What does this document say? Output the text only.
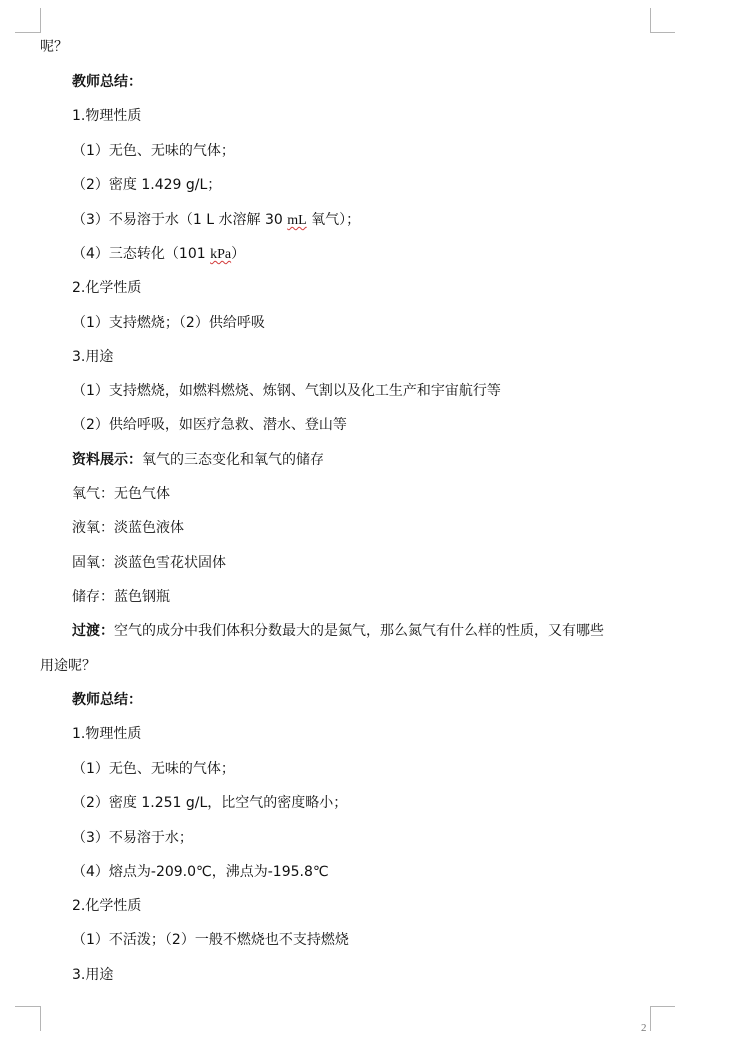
呢？
教师总结：
1.物理性质
（1）无色、无味的气体；
（2）密度 1.429 g/L；
（3）不易溶于水（1 L 水溶解 30 mL 氧气）；
（4）三态转化（101 kPa）
2.化学性质
（1）支持燃烧；（2）供给呼吸
3.用途
（1）支持燃烧，如燃料燃烧、炼钢、气割以及化工生产和宇宙航行等
（2）供给呼吸，如医疗急救、潜水、登山等
资料展示：氧气的三态变化和氧气的储存
氧气：无色气体
液氧：淡蓝色液体
固氧：淡蓝色雪花状固体
储存：蓝色钢瓶
过渡：空气的成分中我们体积分数最大的是氮气，那么氮气有什么样的性质，又有哪些
用途呢？
教师总结：
1.物理性质
（1）无色、无味的气体；
（2）密度 1.251 g/L，比空气的密度略小；
（3）不易溶于水；
（4）熔点为-209.0℃，沸点为-195.8℃
2.化学性质
（1）不活泼；（2）一般不燃烧也不支持燃烧
3.用途
2
